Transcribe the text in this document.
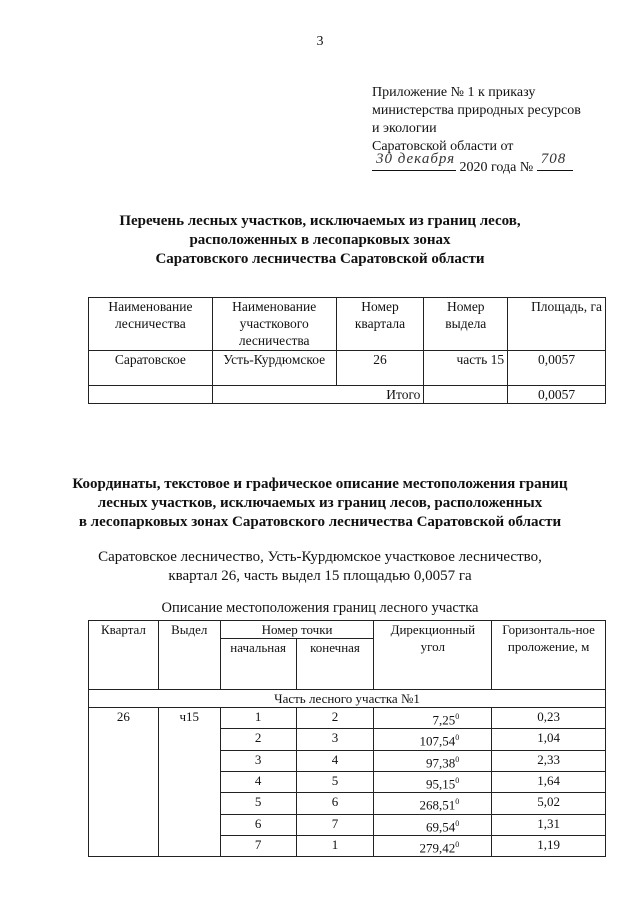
3
Приложение № 1 к приказу
министерства природных ресурсов
и экологии
Саратовской области от
30 декабря
2020 года №
708
Перечень лесных участков, исключаемых из границ лесов,
расположенных в лесопарковых зонах
Саратовского лесничества Саратовской области
Наименование лесничества	Наименование участкового лесничества	Номер квартала	Номер выдела	Площадь, га
Саратовское	Усть-Курдюмское	26	часть 15	0,0057
	Итого			0,0057
Координаты, текстовое и графическое описание местоположения границ
лесных участков, исключаемых из границ лесов, расположенных
в лесопарковых зонах Саратовского лесничества Саратовской области
Саратовское лесничество, Усть-Курдюмское участковое лесничество,
квартал 26, часть выдел 15 площадью 0,0057 га
Описание местоположения границ лесного участка
Квартал	Выдел	Номер точки		Дирекционный угол	Горизонталь-ное проложение, м
		начальная	конечная		
Часть лесного участка №1					
26	ч15	1	2	7,25$^0$	0,23
		2	3	107,54$^0$	1,04
		3	4	97,38$^0$	2,33
		4	5	95,15$^0$	1,64
		5	6	268,51$^0$	5,02
		6	7	69,54$^0$	1,31
		7	1	279,42$^0$	1,19
